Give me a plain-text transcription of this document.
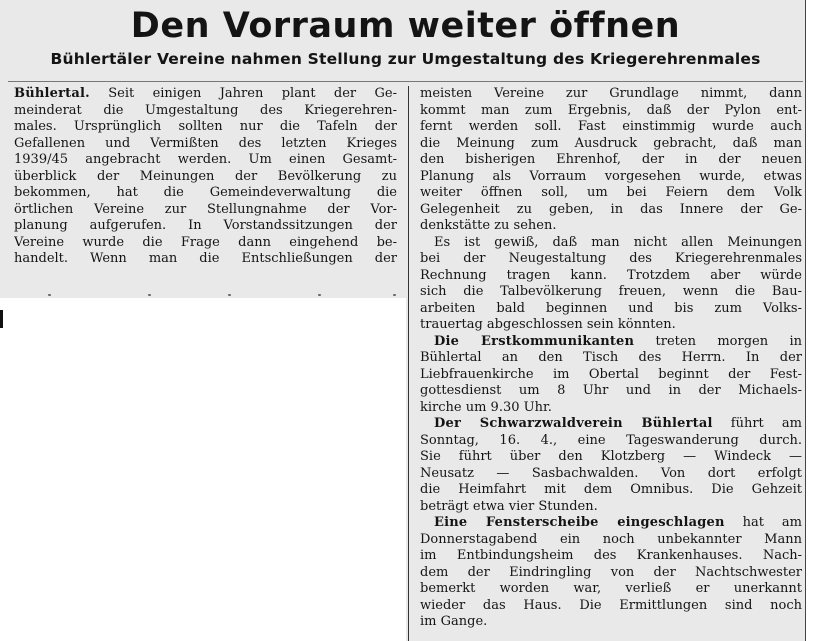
Den Vorraum weiter öffnen
Bühlertäler Vereine nahmen Stellung zur Umgestaltung des Kriegerehrenmales
Bühlertal. Seit einigen Jahren plant der Ge-
meinderat die Umgestaltung des Kriegerehren-
males. Ursprünglich sollten nur die Tafeln der
Gefallenen und Vermißten des letzten Krieges
1939/45 angebracht werden. Um einen Gesamt-
überblick der Meinungen der Bevölkerung zu
bekommen, hat die Gemeindeverwaltung die
örtlichen Vereine zur Stellungnahme der Vor-
planung aufgerufen. In Vorstandssitzungen der
Vereine wurde die Frage dann eingehend be-
handelt. Wenn man die Entschließungen der
meisten Vereine zur Grundlage nimmt, dann
kommt man zum Ergebnis, daß der Pylon ent-
fernt werden soll. Fast einstimmig wurde auch
die Meinung zum Ausdruck gebracht, daß man
den bisherigen Ehrenhof, der in der neuen
Planung als Vorraum vorgesehen wurde, etwas
weiter öffnen soll, um bei Feiern dem Volk
Gelegenheit zu geben, in das Innere der Ge-
denkstätte zu sehen.
Es ist gewiß, daß man nicht allen Meinungen
bei der Neugestaltung des Kriegerehrenmales
Rechnung tragen kann. Trotzdem aber würde
sich die Talbevölkerung freuen, wenn die Bau-
arbeiten bald beginnen und bis zum Volks-
trauertag abgeschlossen sein könnten.
Die Erstkommunikanten treten morgen in
Bühlertal an den Tisch des Herrn. In der
Liebfrauenkirche im Obertal beginnt der Fest-
gottesdienst um 8 Uhr und in der Michaels-
kirche um 9.30 Uhr.
Der Schwarzwaldverein Bühlertal führt am
Sonntag, 16. 4., eine Tageswanderung durch.
Sie führt über den Klotzberg — Windeck —
Neusatz — Sasbachwalden. Von dort erfolgt
die Heimfahrt mit dem Omnibus. Die Gehzeit
beträgt etwa vier Stunden.
Eine Fensterscheibe eingeschlagen hat am
Donnerstagabend ein noch unbekannter Mann
im Entbindungsheim des Krankenhauses. Nach-
dem der Eindringling von der Nachtschwester
bemerkt worden war, verließ er unerkannt
wieder das Haus. Die Ermittlungen sind noch
im Gange.
